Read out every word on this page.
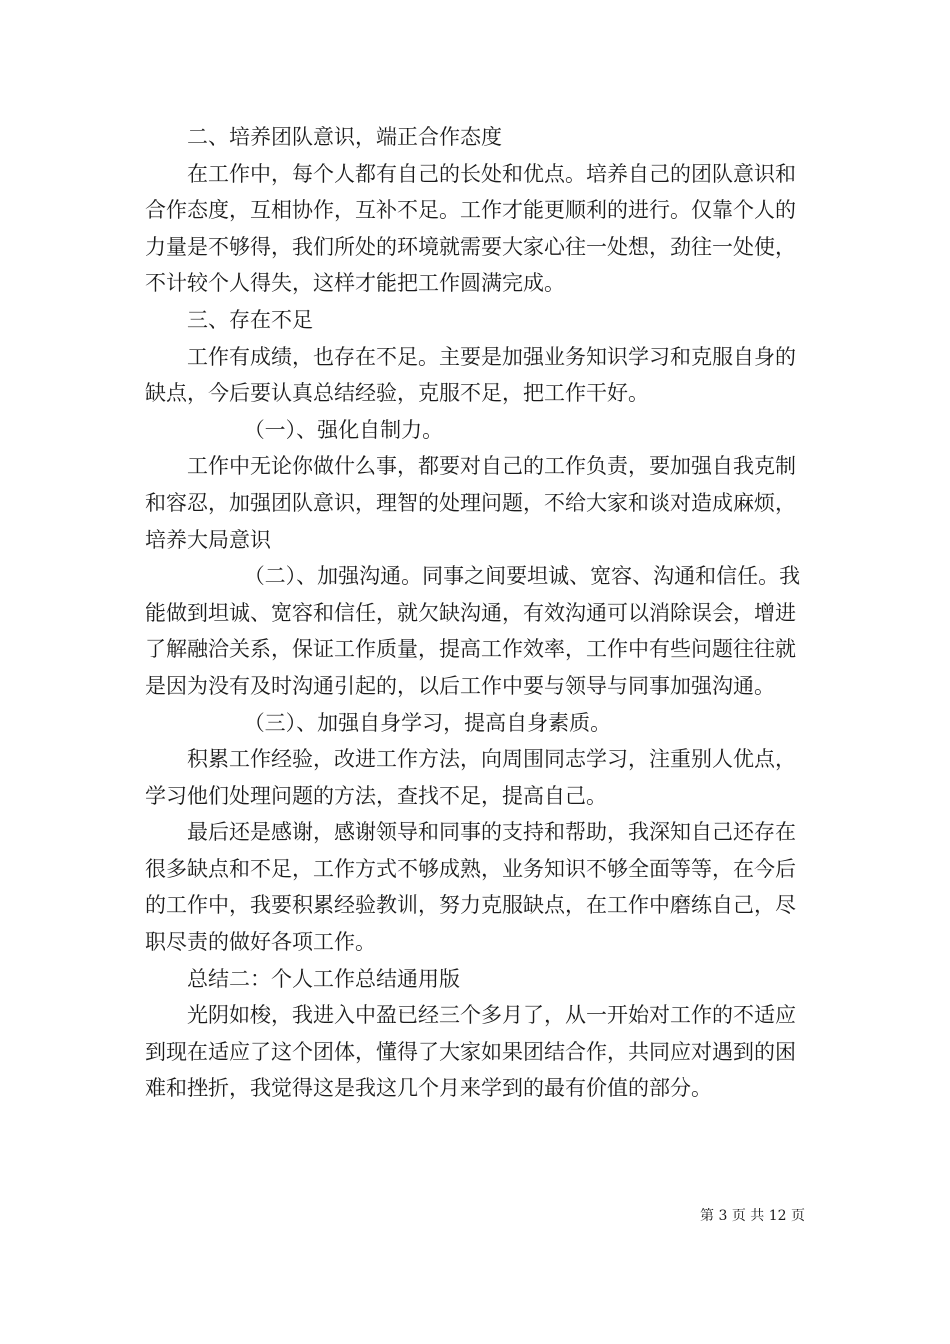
二、培养团队意识，端正合作态度

在工作中，每个人都有自己的长处和优点。培养自己的团队意识和合作态度，互相协作，互补不足。工作才能更顺利的进行。仅靠个人的力量是不够得，我们所处的环境就需要大家心往一处想，劲往一处使，不计较个人得失，这样才能把工作圆满完成。

三、存在不足

工作有成绩，也存在不足。主要是加强业务知识学习和克服自身的缺点，今后要认真总结经验，克服不足，把工作干好。

（一）、强化自制力。

工作中无论你做什么事，都要对自己的工作负责，要加强自我克制和容忍，加强团队意识，理智的处理问题，不给大家和谈对造成麻烦，培养大局意识

（二）、加强沟通。同事之间要坦诚、宽容、沟通和信任。我能做到坦诚、宽容和信任，就欠缺沟通，有效沟通可以消除误会，增进了解融洽关系，保证工作质量，提高工作效率，工作中有些问题往往就是因为没有及时沟通引起的，以后工作中要与领导与同事加强沟通。

（三）、加强自身学习，提高自身素质。

积累工作经验，改进工作方法，向周围同志学习，注重别人优点，学习他们处理问题的方法，查找不足，提高自己。

最后还是感谢，感谢领导和同事的支持和帮助，我深知自己还存在很多缺点和不足，工作方式不够成熟，业务知识不够全面等等，在今后的工作中，我要积累经验教训，努力克服缺点，在工作中磨练自己，尽职尽责的做好各项工作。

总结二：个人工作总结通用版

光阴如梭，我进入中盈已经三个多月了，从一开始对工作的不适应到现在适应了这个团体，懂得了大家如果团结合作，共同应对遇到的困难和挫折，我觉得这是我这几个月来学到的最有价值的部分。

第 3 页 共 12 页
